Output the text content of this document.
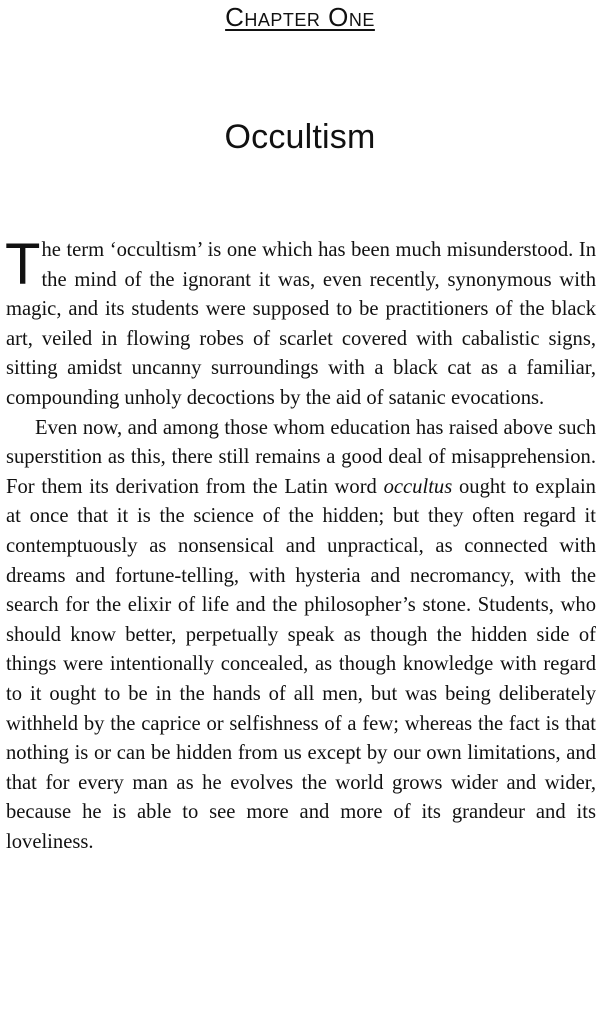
Chapter One
Occultism

The term ‘occultism’ is one which has been much misunderstood. In the mind of the ignorant it was, even recently, synonymous with magic, and its students were supposed to be practitioners of the black art, veiled in flowing robes of scarlet covered with cabalistic signs, sitting amidst uncanny surroundings with a black cat as a familiar, compounding unholy decoctions by the aid of satanic evocations.

Even now, and among those whom education has raised above such superstition as this, there still remains a good deal of misapprehension. For them its derivation from the Latin word occultus ought to explain at once that it is the science of the hidden; but they often regard it contemptuously as nonsensical and unpractical, as connected with dreams and fortune-telling, with hysteria and necromancy, with the search for the elixir of life and the philosopher’s stone. Students, who should know better, perpetually speak as though the hidden side of things were intentionally concealed, as though knowledge with regard to it ought to be in the hands of all men, but was being deliberately withheld by the caprice or selfishness of a few; whereas the fact is that nothing is or can be hidden from us except by our own limitations, and that for every man as he evolves the world grows wider and wider, because he is able to see more and more of its grandeur and its loveliness.
